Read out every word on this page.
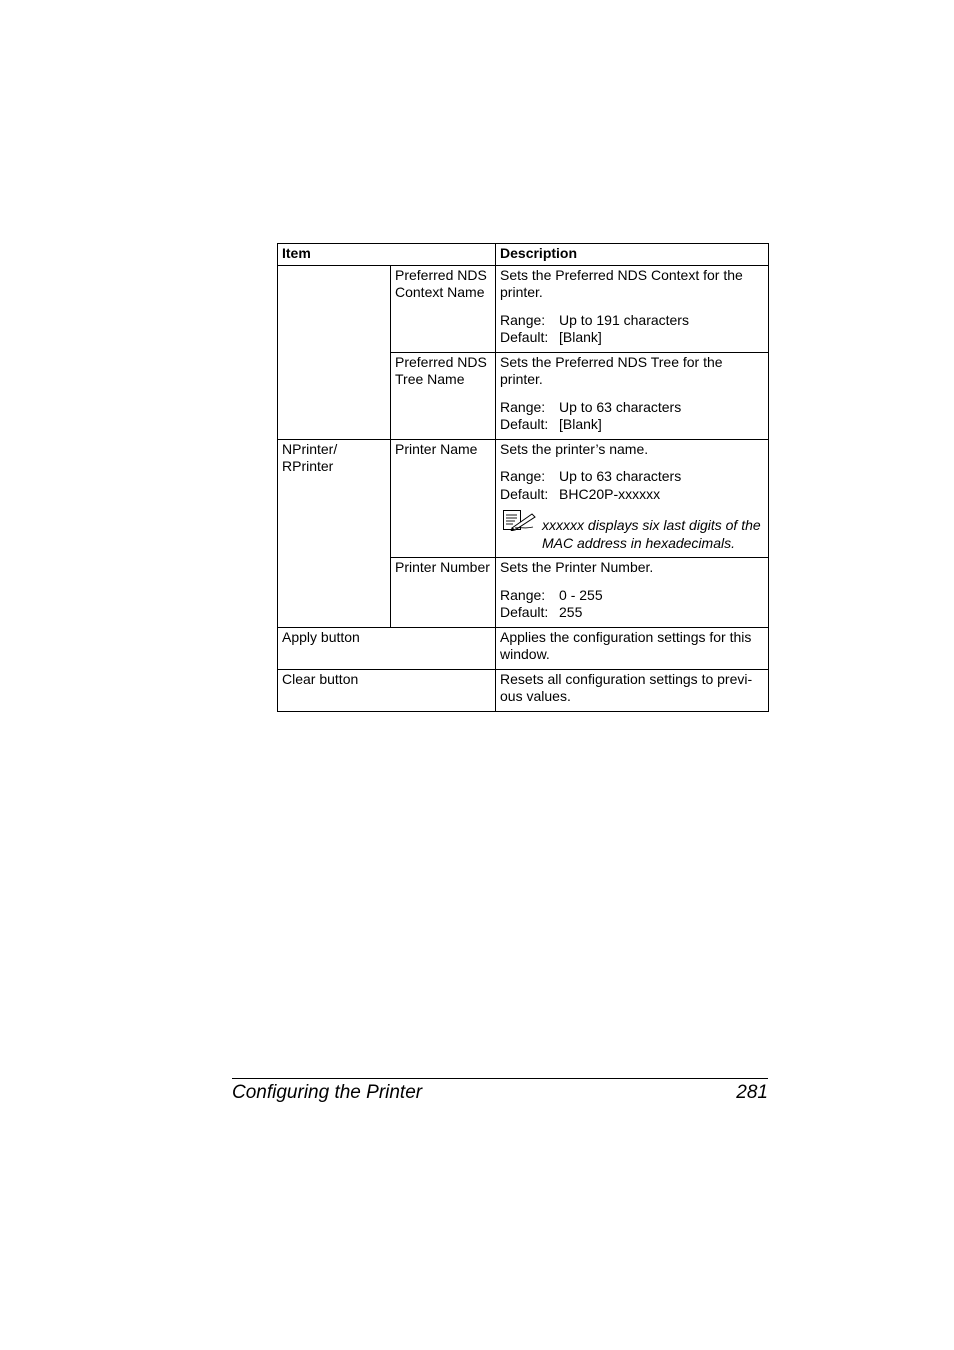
Item		Description
	Preferred NDS Context Name	Sets the Preferred NDS Context for the printer.

Range: Up to 191 characters

Default: [Blank]

	Preferred NDS Tree Name	Sets the Preferred NDS Tree for the printer.

Range: Up to 63 characters

Default: [Blank]

NPrinter/ RPrinter	Printer Name	Sets the printer’s name.

Range: Up to 63 characters

Default: BHC20P-xxxxxx

xxxxxx displays six last digits of the MAC address in hexadecimals.

	Printer Number	Sets the Printer Number.

Range: 0 - 255

Default: 255

Apply button		Applies the configuration settings for this window.
Clear button		Resets all configuration settings to previ-ous values.
Configuring the Printer	281
